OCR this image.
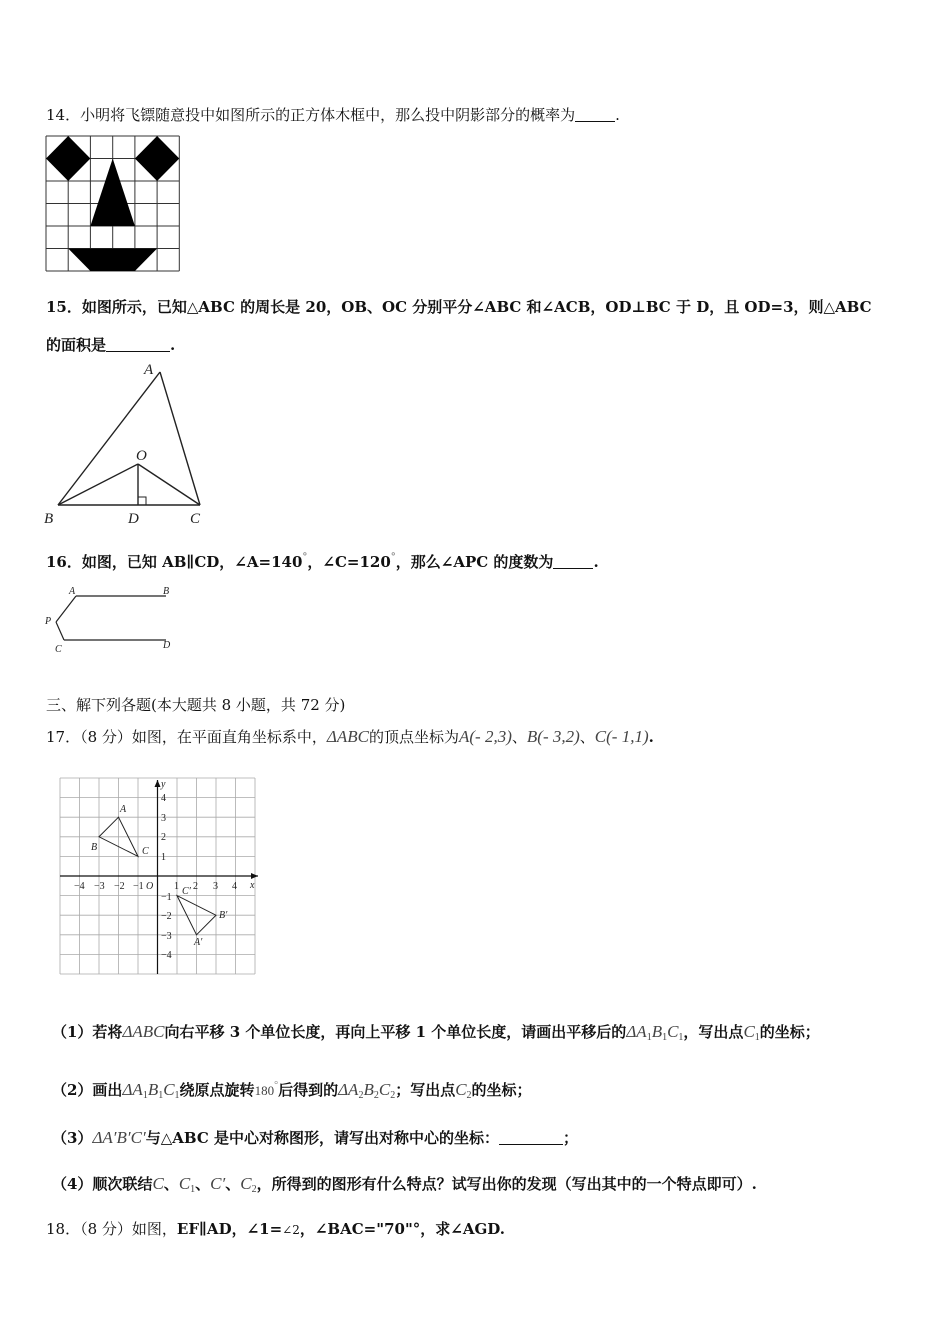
14．小明将飞镖随意投中如图所示的正方体木框中，那么投中阴影部分的概率为	.
15．如图所示，已知△ABC 的周长是 20，OB、OC 分别平分∠ABC 和∠ACB，OD⊥BC 于 D，且 OD=3，则△ABC
的面积是	.
A
O
B	D	C
16．如图，已知 AB∥CD，∠A=140°，∠C=120°，那么∠APC 的度数为	.
A	B
P
C	D
三、解下列各题(本大题共 8 小题，共 72 分)
17．（8 分）如图，在平面直角坐标系中，ΔABC的顶点坐标为A(- 2,3)、B(- 3,2)、C(- 1,1).
x
y
−4 −3 −2 −1 O 1 2 3 4
4
3
2
1
−1
−2
−3
−4
A
B	C
A′
B′
C′
（1）若将ΔABC向右平移 3 个单位长度，再向上平移 1 个单位长度，请画出平移后的$\Delta A_1B_1C_1$，写出点$C_1$的坐标；
（2）画出$\Delta A_1B_1C_1$绕原点旋转180°后得到的$\Delta A_2B_2C_2$；写出点$C_2$的坐标；
（3）ΔA′B′C′与△ABC 是中心对称图形，请写出对称中心的坐标：	；
（4）顺次联结C、$C_1$、C′、$C_2$，所得到的图形有什么特点？试写出你的发现（写出其中的一个特点即可）.
18．（8 分）如图，EF∥AD，∠1=∠2，∠BAC="70"°，求∠AGD.
